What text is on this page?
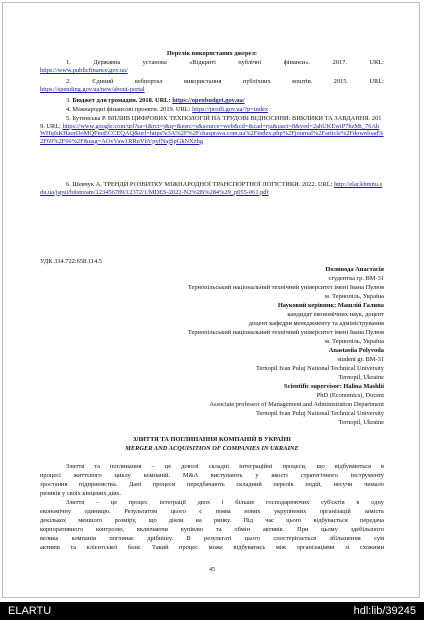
Перелік використаних джерел:
1.	Державна установа «Відкриті публічні фінанси». 2017. URL:
https://www.publicfinance.gov.ua/
2.	Єдиний вебпортал використання публічних коштів. 2015. URL:
https://spending.gov.ua/new/about-portal
3. Бюджет для громадян. 2018. URL: https://openbudget.gov.ua/
4. Міжнародні фінансові проекти. 2019. URL: https://proifi.gov.ua/?p=index
5. Бутинська Р. ВПЛИВ ЦИФРОВИХ ТЕХНОЛОГІЙ НА ТРУДОВІ ВІДНОСИНИ: ВИКЛИКИ ТА ЗАВДАННЯ. 2019. URL: https://www.google.com/url?sa=t&rct=j&q=&esrc=s&source=web&cd=&cad=rja&uact=8&ved=2ahUKEwiP7hzMt_76AhWHqIsKHaorDoMQFnoECCEQAQ&url=https%3A%2F%2Fchasprava.com.ua%2Findex.php%2Fjournal%2Farticle%2Fdownload%2F69%2F66%2F&usg=AOvVaw1RRnVbVpvfNajSpGkNXzhg
6. Шевчук А. ТРЕНДИ РОЗВИТКУ МІЖНАРОДНОЇ ТРАНСПОРТНОЇ ЛОГІСТИКИ. 2022. URL: http://elar.khmnu.edu.ua/jspui/bitstream/123456789/12372/1/MDES-2022-N2%2B%284%29_p055-061.pdf
УДК 334.722:658.114.5
Поливода Анастасія
студентка гр. ВМ-31
Тернопільський національний технічний університет імені Івана Пулюя
м. Тернопіль, Україна
Науковий керівник: Машлій Галина
кандидат економічних наук, доцент
доцент кафедри менеджменту та адміністрування
Тернопільський національний технічний університет імені Івана Пулюя
м. Тернопіль, Україна
Anastasiia Polyvoda
student gr. BM-31
Ternopil Ivan Puluj National Technical University
Ternopil, Ukraine
Scientific supervisor: Halina Mashlii
PhD (Economics), Docent
Associate professor of Management and Administration Department
Ternopil Ivan Puluj National Technical University
Ternopil, Ukraine
ЗЛИТТЯ ТА ПОГЛИНАННЯ КОМПАНІЙ В УКРАЇНІ
MERGER AND ACQUISITION OF COMPANIES IN UKRAINE
Злиття та поглинання – це доволі складні інтеграційні процеси, що відбуваються в
процесі життєвого циклу компаній. M&A виступають у якості стратегічного інструменту
зростання підприємства. Дані процеси передбачають складний перелік подій, несучи чимало
ризиків у своїх кінцевих діях.
Злиття – це процес інтеграції двох і більше господарюючих суб'єктів в одну
економічну одиницю. Результатом цього є поява нових укрупнених організацій замість
декількох меншого розміру, що діяли на ринку. Під час цього відбувається передача
корпоративного контролю, включаючи купівлю та обмін активів. При цьому здебільшого
велика компанія поглинає дрібнішу. В результаті цього спостерігається збільшення сум
активів та клієнтської бази. Такий процес може відбуватись між організаціями зі схожими
45
ELARTU	hdl:lib/39245
